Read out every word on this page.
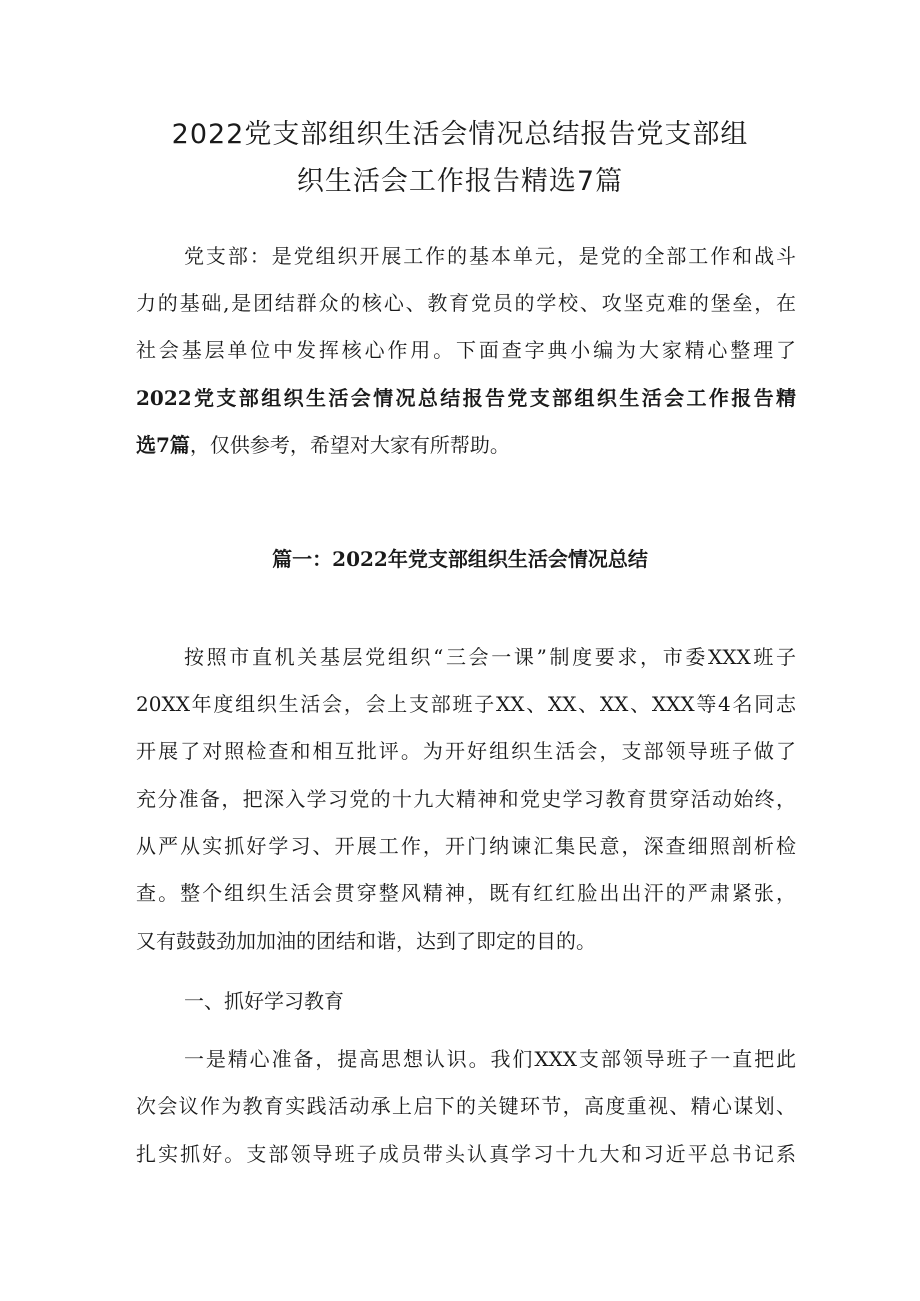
2022党支部组织生活会情况总结报告党支部组
织生活会工作报告精选7篇

党支部：是党组织开展工作的基本单元，是党的全部工作和战斗

力的基础,是团结群众的核心、教育党员的学校、攻坚克难的堡垒，在

社会基层单位中发挥核心作用。下面查字典小编为大家精心整理了

2022党支部组织生活会情况总结报告党支部组织生活会工作报告精

选7篇，仅供参考，希望对大家有所帮助。

篇一：2022年党支部组织生活会情况总结

按照市直机关基层党组织“三会一课”制度要求，市委XXX班子

20XX年度组织生活会，会上支部班子XX、XX、XX、XXX等4名同志

开展了对照检查和相互批评。为开好组织生活会，支部领导班子做了

充分准备，把深入学习党的十九大精神和党史学习教育贯穿活动始终，

从严从实抓好学习、开展工作，开门纳谏汇集民意，深查细照剖析检

查。整个组织生活会贯穿整风精神，既有红红脸出出汗的严肃紧张，

又有鼓鼓劲加加油的团结和谐，达到了即定的目的。

一、抓好学习教育

一是精心准备，提高思想认识。我们XXX支部领导班子一直把此

次会议作为教育实践活动承上启下的关键环节，高度重视、精心谋划、

扎实抓好。支部领导班子成员带头认真学习十九大和习近平总书记系
